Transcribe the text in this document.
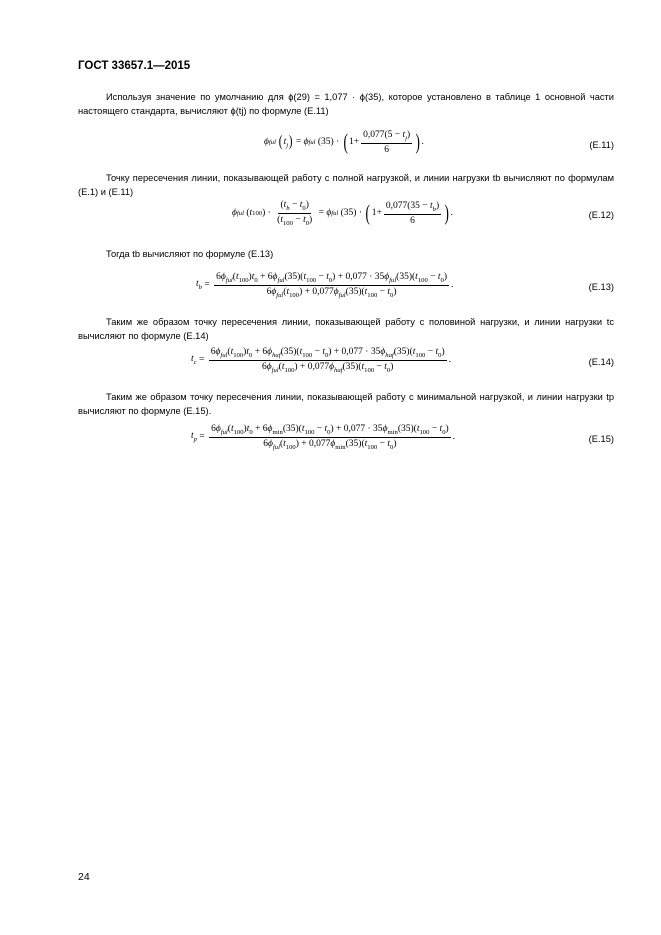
ГОСТ 33657.1—2015
Используя значение по умолчанию для ϕ(29) = 1,077 · ϕ(35), которое установлено в таблице 1 основной части настоящего стандарта, вычисляют ϕ(tj) по формуле (Е.11)
ϕ ful
( $t_j$ ) = ϕ ful (35) · ( $1+ \frac{0,077(5 - t_j)}{6}$ ) .	(Е.11)
Точку пересечения линии, показывающей работу с полной нагрузкой, и линии нагрузки tb вычисляют по формулам (Е.1) и (Е.11)
ϕ ful ( t 100 ) · $\frac{(t_b - t_0)}{(t_{100} - t_0)} = \phi$ ful (35) · ( $1+ \frac{0,077(35 - t_b)}{6}$ ) .	(Е.12)
Тогда tb вычисляют по формуле (Е.13)
$t_b$ =
$6\phi_{ful}(t_{100})t_0 + 6\phi_{ful}(35)(t_{100} - t_0) + 0,077 \cdot 35\phi_{ful}(35)(t_{100} - t_0)$
$6\phi_{ful}(t_{100}) + 0,077\phi_{ful}(35)(t_{100} - t_0)$
.	(Е.13)
Таким же образом точку пересечения линии, показывающей работу с половиной нагрузки, и линии нагрузки tc вычисляют по формуле (Е.14)
$t_c$ =
$6\phi_{ful}(t_{100})t_0 + 6\phi_{haf}(35)(t_{100} - t_0) + 0,077 \cdot 35\phi_{haf}(35)(t_{100} - t_0)$
$6\phi_{ful}(t_{100}) + 0,077\phi_{haf}(35)(t_{100} - t_0)$
.	(Е.14)
Таким же образом точку пересечения линии, показывающей работу с минимальной нагрузкой, и линии нагрузки tp вычисляют по формуле (Е.15).
$t_p$ =
$6\phi_{ful}(t_{100})t_0 + 6\phi_{min}(35)(t_{100} - t_0) + 0,077 \cdot 35\phi_{min}(35)(t_{100} - t_0)$
$6\phi_{ful}(t_{100}) + 0,077\phi_{min}(35)(t_{100} - t_0)$
.	(Е.15)
24
